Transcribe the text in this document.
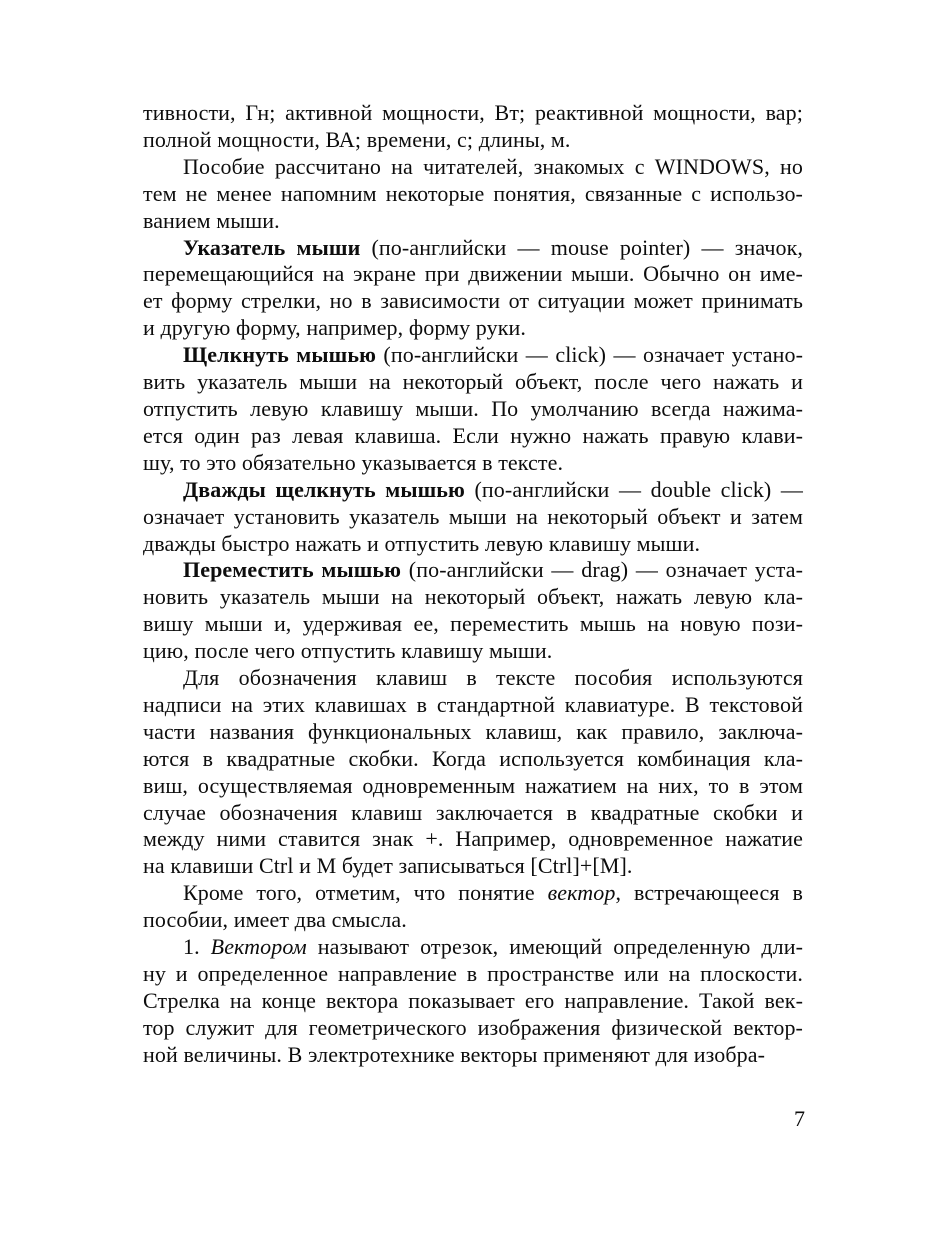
тивности, Гн; активной мощности, Вт; реактивной мощности, вар;
полной мощности, ВА; времени, с; длины, м.
Пособие рассчитано на читателей, знакомых с WINDOWS, но
тем не менее напомним некоторые понятия, связанные с использо-
ванием мыши.
Указатель мыши (по-английски — mouse pointer) — значок,
перемещающийся на экране при движении мыши. Обычно он име-
ет форму стрелки, но в зависимости от ситуации может принимать
и другую форму, например, форму руки.
Щелкнуть мышью (по-английски — click) — означает устано-
вить указатель мыши на некоторый объект, после чего нажать и
отпустить левую клавишу мыши. По умолчанию всегда нажима-
ется один раз левая клавиша. Если нужно нажать правую клави-
шу, то это обязательно указывается в тексте.
Дважды щелкнуть мышью (по-английски — double click) —
означает установить указатель мыши на некоторый объект и затем
дважды быстро нажать и отпустить левую клавишу мыши.
Переместить мышью (по-английски — drag) — означает уста-
новить указатель мыши на некоторый объект, нажать левую кла-
вишу мыши и, удерживая ее, переместить мышь на новую пози-
цию, после чего отпустить клавишу мыши.
Для обозначения клавиш в тексте пособия используются
надписи на этих клавишах в стандартной клавиатуре. В текстовой
части названия функциональных клавиш, как правило, заключа-
ются в квадратные скобки. Когда используется комбинация кла-
виш, осуществляемая одновременным нажатием на них, то в этом
случае обозначения клавиш заключается в квадратные скобки и
между ними ставится знак +. Например, одновременное нажатие
на клавиши Ctrl и М будет записываться [Ctrl]+[М].
Кроме того, отметим, что понятие вектор, встречающееся в
пособии, имеет два смысла.
1. Вектором называют отрезок, имеющий определенную дли-
ну и определенное направление в пространстве или на плоскости.
Стрелка на конце вектора показывает его направление. Такой век-
тор служит для геометрического изображения физической вектор-
ной величины. В электротехнике векторы применяют для изобра-
7
